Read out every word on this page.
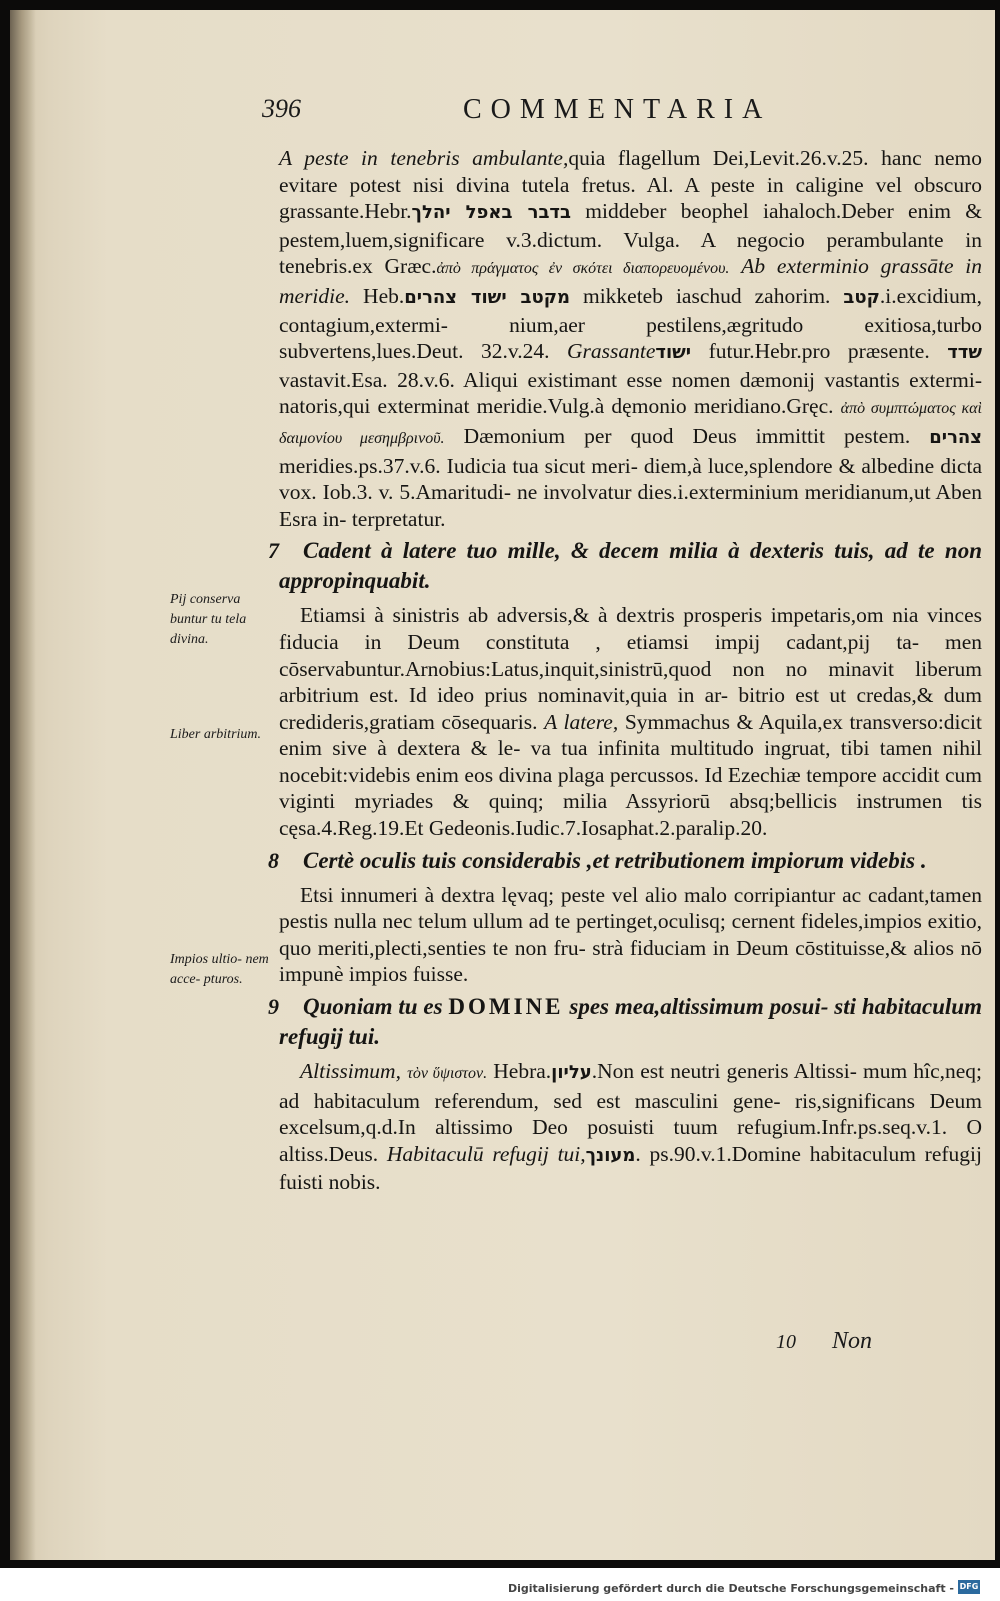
396	COMMENTARIA
Pij conserva buntur tu tela divina.
Liber arbitrium.
Impios ultio- nem acce- pturos.

A peste in tenebris ambulante,quia flagellum Dei,Levit.26.v.25. hanc nemo evitare potest nisi divina tutela fretus. Al. A peste in caligine vel obscuro grassante.Hebr.בדבר באפל יהלך middeber beophel iahaloch.Deber enim & pestem,luem,significare v.3.dictum. Vulga. A negocio perambulante in tenebris.ex Græc.ἀπὸ πράγματος ἐν σκότει διαπορευομένου. Ab exterminio grassāte in meridie. Heb.מקטב ישוד צהרים mikketeb iaschud zahorim. קטב.i.excidium, contagium,extermi- nium,aer pestilens,ægritudo exitiosa,turbo subvertens,lues.Deut. 32.v.24. Grassanteישוד futur.Hebr.pro præsente. שדד vastavit.Esa. 28.v.6. Aliqui existimant esse nomen dæmonij vastantis extermi- natoris,qui exterminat meridie.Vulg.à dęmonio meridiano.Gręc. ἀπὸ συμπτώματος καὶ δαιμονίου μεσημβρινοῦ. Dæmonium per quod Deus immittit pestem. צהרים meridies.ps.37.v.6. Iudicia tua sicut meri- diem,à luce,splendore & albedine dicta vox. Iob.3. v. 5.Amaritudi- ne involvatur dies.i.exterminium meridianum,ut Aben Esra in- terpretatur.

7 Cadent à latere tuo mille, & decem milia à dexteris tuis, ad te non appropinquabit.

Etiamsi à sinistris ab adversis,& à dextris prosperis impetaris,om nia vinces fiducia in Deum constituta , etiamsi impij cadant,pij ta- men cōservabuntur.Arnobius:Latus,inquit,sinistrū,quod non no minavit liberum arbitrium est. Id ideo prius nominavit,quia in ar- bitrio est ut credas,& dum credideris,gratiam cōsequaris. A latere, Symmachus & Aquila,ex transverso:dicit enim sive à dextera & le- va tua infinita multitudo ingruat, tibi tamen nihil nocebit:videbis enim eos divina plaga percussos. Id Ezechiæ tempore accidit cum viginti myriades & quinq; milia Assyriorū absq;bellicis instrumen tis cęsa.4.Reg.19.Et Gedeonis.Iudic.7.Iosaphat.2.paralip.20.

8 Certè oculis tuis considerabis ,et retributionem impiorum videbis .

Etsi innumeri à dextra lęvaq; peste vel alio malo corripiantur ac cadant,tamen pestis nulla nec telum ullum ad te pertinget,oculisq; cernent fideles,impios exitio, quo meriti,plecti,senties te non fru- strà fiduciam in Deum cōstituisse,& alios nō impunè impios fuisse.

9 Quoniam tu es DOMINE spes mea,altissimum posui- sti habitaculum refugij tui.

Altissimum, τὸν ὕψιστον. Hebra.עליון.Non est neutri generis Altissi- mum hîc,neq; ad habitaculum referendum, sed est masculini gene- ris,significans Deum excelsum,q.d.In altissimo Deo posuisti tuum refugium.Infr.ps.seq.v.1. O altiss.Deus. Habitaculū refugij tui,מעונך. ps.90.v.1.Domine habitaculum refugij fuisti nobis.

10 Non
Digitalisierung gefördert durch die Deutsche Forschungsgemeinschaft - DFG
